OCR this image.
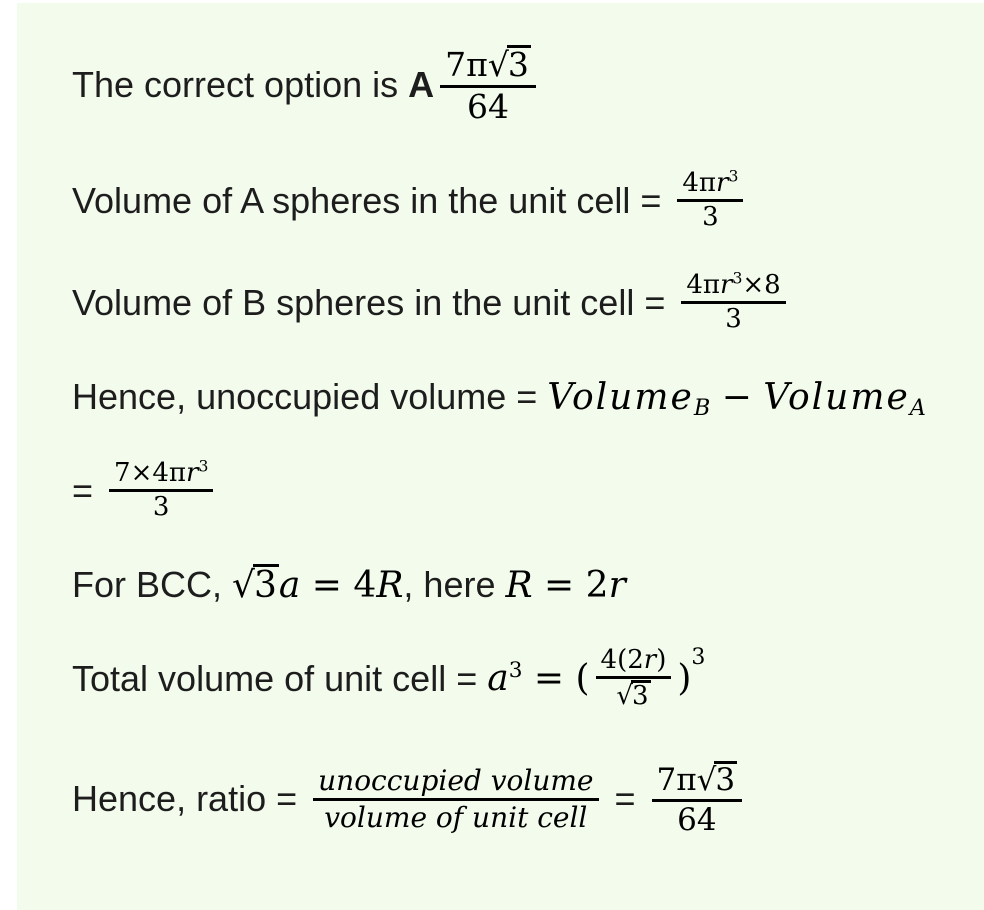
The correct option is A $\frac{7\pi√3}{64}$
Volume of A spheres in the unit cell = $\frac{4\pi r^3}{3}$
Volume of B spheres in the unit cell = $\frac{4\pi r^3\times 8}{3}$
Hence, unoccupied volume = Volume$_B$ − Volume$_A$
= $\frac{7\times 4\pi r^3}{3}$
For BCC, √3a = 4R , here R = 2r
Total volume of unit cell = $a^3$ = ( $\frac{4(2r)}{√3}$ )
3
Hence, ratio = $\frac{\text{unoccupied volume}}{\text{volume of unit cell}} = \frac{7\pi√3}{64}$
